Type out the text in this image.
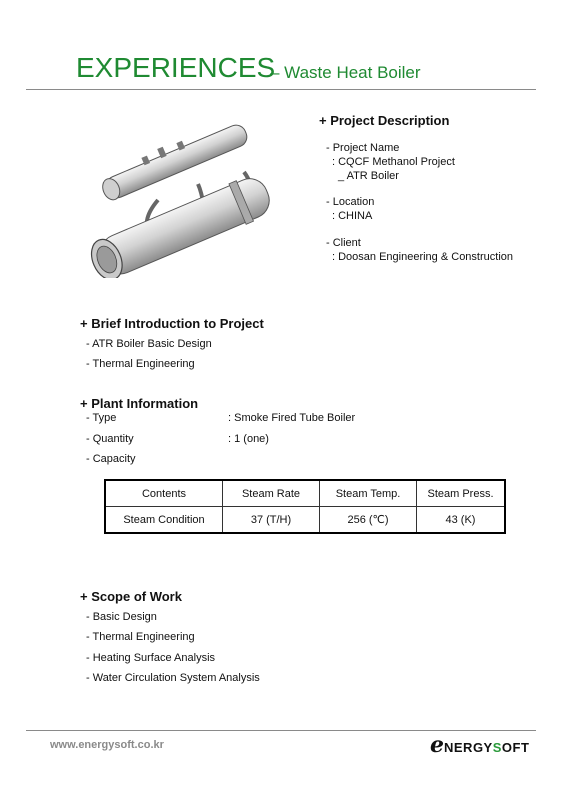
EXPERIENCES
– Waste Heat Boiler
+ Project Description
- Project Name
: CQCF Methanol Project
_ ATR Boiler
- Location
: CHINA
- Client
: Doosan Engineering & Construction
+ Brief Introduction to Project
- ATR Boiler Basic Design
- Thermal Engineering
+ Plant Information
- Type	: Smoke Fired Tube Boiler
- Quantity	: 1 (one)
- Capacity
Contents	Steam Rate	Steam Temp.	Steam Press.
Steam Condition	37 (T/H)	256 (℃)	43 (K)
+ Scope of Work
- Basic Design
- Thermal Engineering
- Heating Surface Analysis
- Water Circulation System Analysis
www.energysoft.co.kr	eNERGYSOFT
